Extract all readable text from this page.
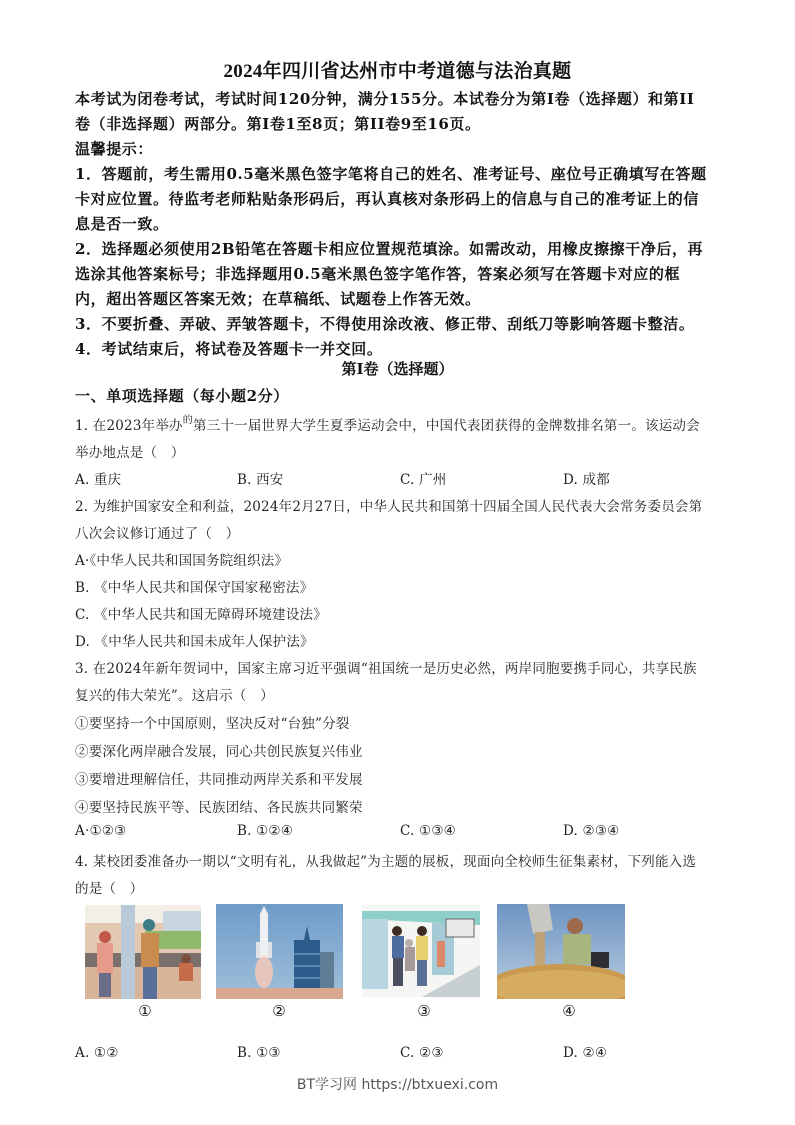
2024年四川省达州市中考道德与法治真题
本考试为闭卷考试，考试时间120分钟，满分155分。本试卷分为第I卷（选择题）和第II
卷（非选择题）两部分。第I卷1至8页；第II卷9至16页。
温馨提示：
1．答题前，考生需用0.5毫米黑色签字笔将自己的姓名、准考证号、座位号正确填写在答题
卡对应位置。待监考老师粘贴条形码后，再认真核对条形码上的信息与自己的准考证上的信
息是否一致。
2．选择题必须使用2B铅笔在答题卡相应位置规范填涂。如需改动，用橡皮擦擦干净后，再
选涂其他答案标号；非选择题用0.5毫米黑色签字笔作答，答案必须写在答题卡对应的框
内，超出答题区答案无效；在草稿纸、试题卷上作答无效。
3．不要折叠、弄破、弄皱答题卡，不得使用涂改液、修正带、刮纸刀等影响答题卡整洁。
4．考试结束后，将试卷及答题卡一并交回。
第Ⅰ卷（选择题）
一、单项选择题（每小题2分）
1. 在2023年举办$^的$第三十一届世界大学生夏季运动会中，中国代表团获得的金牌数排名第一。该运动会
举办地点是（　）
A. 重庆	B. 西安	C. 广州	D. 成都
2. 为维护国家安全和利益，2024年2月27日，中华人民共和国第十四届全国人民代表大会常务委员会第
八次会议修订通过了（　）
A·《中华人民共和国国务院组织法》
B. 《中华人民共和国保守国家秘密法》
C. 《中华人民共和国无障碍环境建设法》
D. 《中华人民共和国未成年人保护法》
3. 在2024年新年贺词中，国家主席习近平强调“祖国统一是历史必然，两岸同胞要携手同心，共享民族
复兴的伟大荣光”。这启示（　）
①要坚持一个中国原则，坚决反对“台独”分裂
②要深化两岸融合发展，同心共创民族复兴伟业
③要增进理解信任，共同推动两岸关系和平发展
④要坚持民族平等、民族团结、各民族共同繁荣
A·①②③	B. ①②④	C. ①③④	D. ②③④
4. 某校团委准备办一期以“文明有礼，从我做起”为主题的展板，现面向全校师生征集素材，下列能入选
的是（　）
①	②	③	④
A. ①②	B. ①③	C. ②③	D. ②④
BT学习网 https://btxuexi.com
